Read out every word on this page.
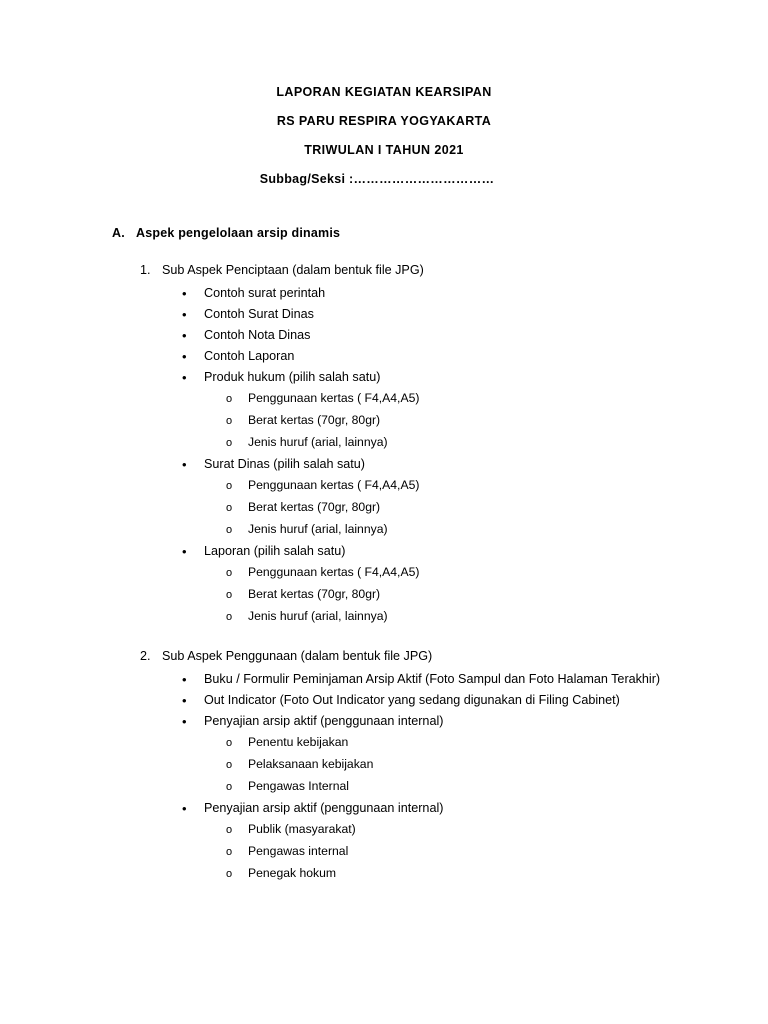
LAPORAN KEGIATAN KEARSIPAN
RS PARU RESPIRA YOGYAKARTA
TRIWULAN I TAHUN 2021
Subbag/Seksi :……………………………
A. Aspek pengelolaan arsip dinamis
1. Sub Aspek Penciptaan (dalam bentuk file JPG)
•	Contoh surat perintah
•	Contoh Surat Dinas
•	Contoh Nota Dinas
•	Contoh Laporan
•	Produk hukum (pilih salah satu)
o	Penggunaan kertas ( F4,A4,A5)
o	Berat kertas (70gr, 80gr)
o	Jenis huruf (arial, lainnya)
•	Surat Dinas (pilih salah satu)
o	Penggunaan kertas ( F4,A4,A5)
o	Berat kertas (70gr, 80gr)
o	Jenis huruf (arial, lainnya)
•	Laporan (pilih salah satu)
o	Penggunaan kertas ( F4,A4,A5)
o	Berat kertas (70gr, 80gr)
o	Jenis huruf (arial, lainnya)
2. Sub Aspek Penggunaan (dalam bentuk file JPG)
•	Buku / Formulir Peminjaman Arsip Aktif (Foto Sampul dan Foto Halaman Terakhir)
•	Out Indicator (Foto Out Indicator yang sedang digunakan di Filing Cabinet)
•	Penyajian arsip aktif (penggunaan internal)
o	Penentu kebijakan
o	Pelaksanaan kebijakan
o	Pengawas Internal
•	Penyajian arsip aktif (penggunaan internal)
o	Publik (masyarakat)
o	Pengawas internal
o	Penegak hokum
